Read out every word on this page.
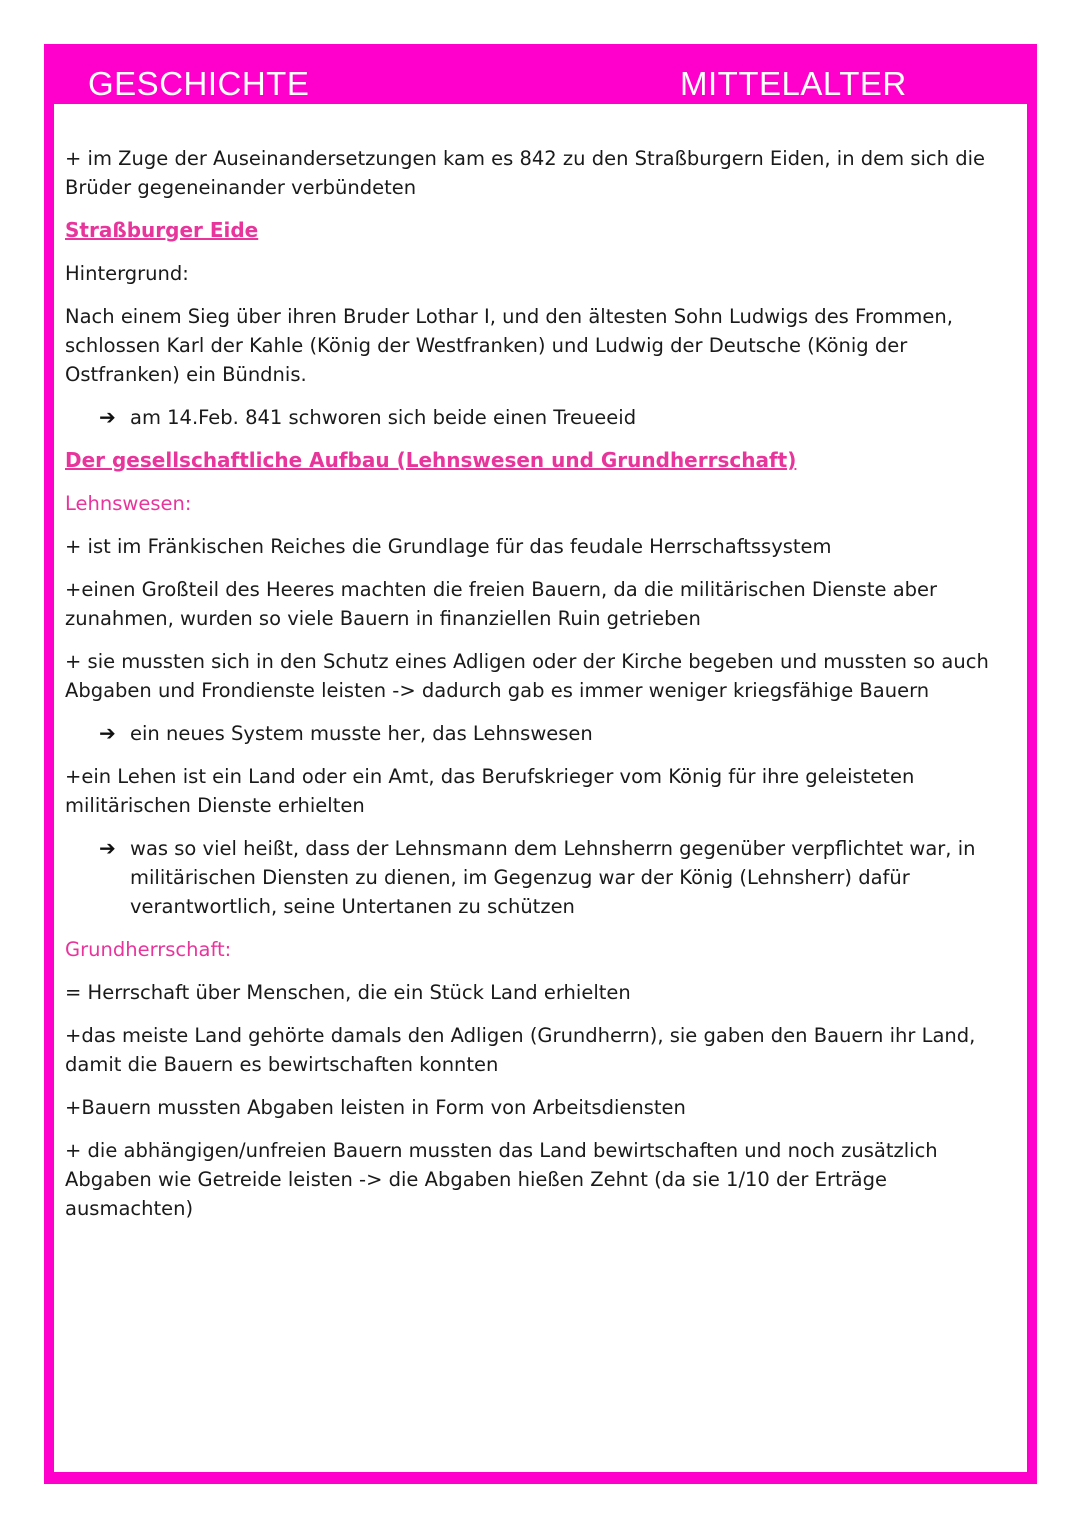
GESCHICHTE	MITTELALTER

+ im Zuge der Auseinandersetzungen kam es 842 zu den Straßburgern Eiden, in dem sich die Brüder gegeneinander verbündeten

Straßburger Eide

Hintergrund:

Nach einem Sieg über ihren Bruder Lothar I, und den ältesten Sohn Ludwigs des Frommen, schlossen Karl der Kahle (König der Westfranken) und Ludwig der Deutsche (König der Ostfranken) ein Bündnis.

➔ am 14.Feb. 841 schworen sich beide einen Treueeid

Der gesellschaftliche Aufbau (Lehnswesen und Grundherrschaft)

Lehnswesen:

+ ist im Fränkischen Reiches die Grundlage für das feudale Herrschaftssystem

+einen Großteil des Heeres machten die freien Bauern, da die militärischen Dienste aber zunahmen, wurden so viele Bauern in finanziellen Ruin getrieben

+ sie mussten sich in den Schutz eines Adligen oder der Kirche begeben und mussten so auch Abgaben und Frondienste leisten -> dadurch gab es immer weniger kriegsfähige Bauern

➔ ein neues System musste her, das Lehnswesen

+ein Lehen ist ein Land oder ein Amt, das Berufskrieger vom König für ihre geleisteten militärischen Dienste erhielten

➔ was so viel heißt, dass der Lehnsmann dem Lehnsherrn gegenüber verpflichtet war, in militärischen Diensten zu dienen, im Gegenzug war der König (Lehnsherr) dafür verantwortlich, seine Untertanen zu schützen

Grundherrschaft:

= Herrschaft über Menschen, die ein Stück Land erhielten

+das meiste Land gehörte damals den Adligen (Grundherrn), sie gaben den Bauern ihr Land, damit die Bauern es bewirtschaften konnten

+Bauern mussten Abgaben leisten in Form von Arbeitsdiensten

+ die abhängigen/unfreien Bauern mussten das Land bewirtschaften und noch zusätzlich Abgaben wie Getreide leisten -> die Abgaben hießen Zehnt (da sie 1/10 der Erträge ausmachten)
